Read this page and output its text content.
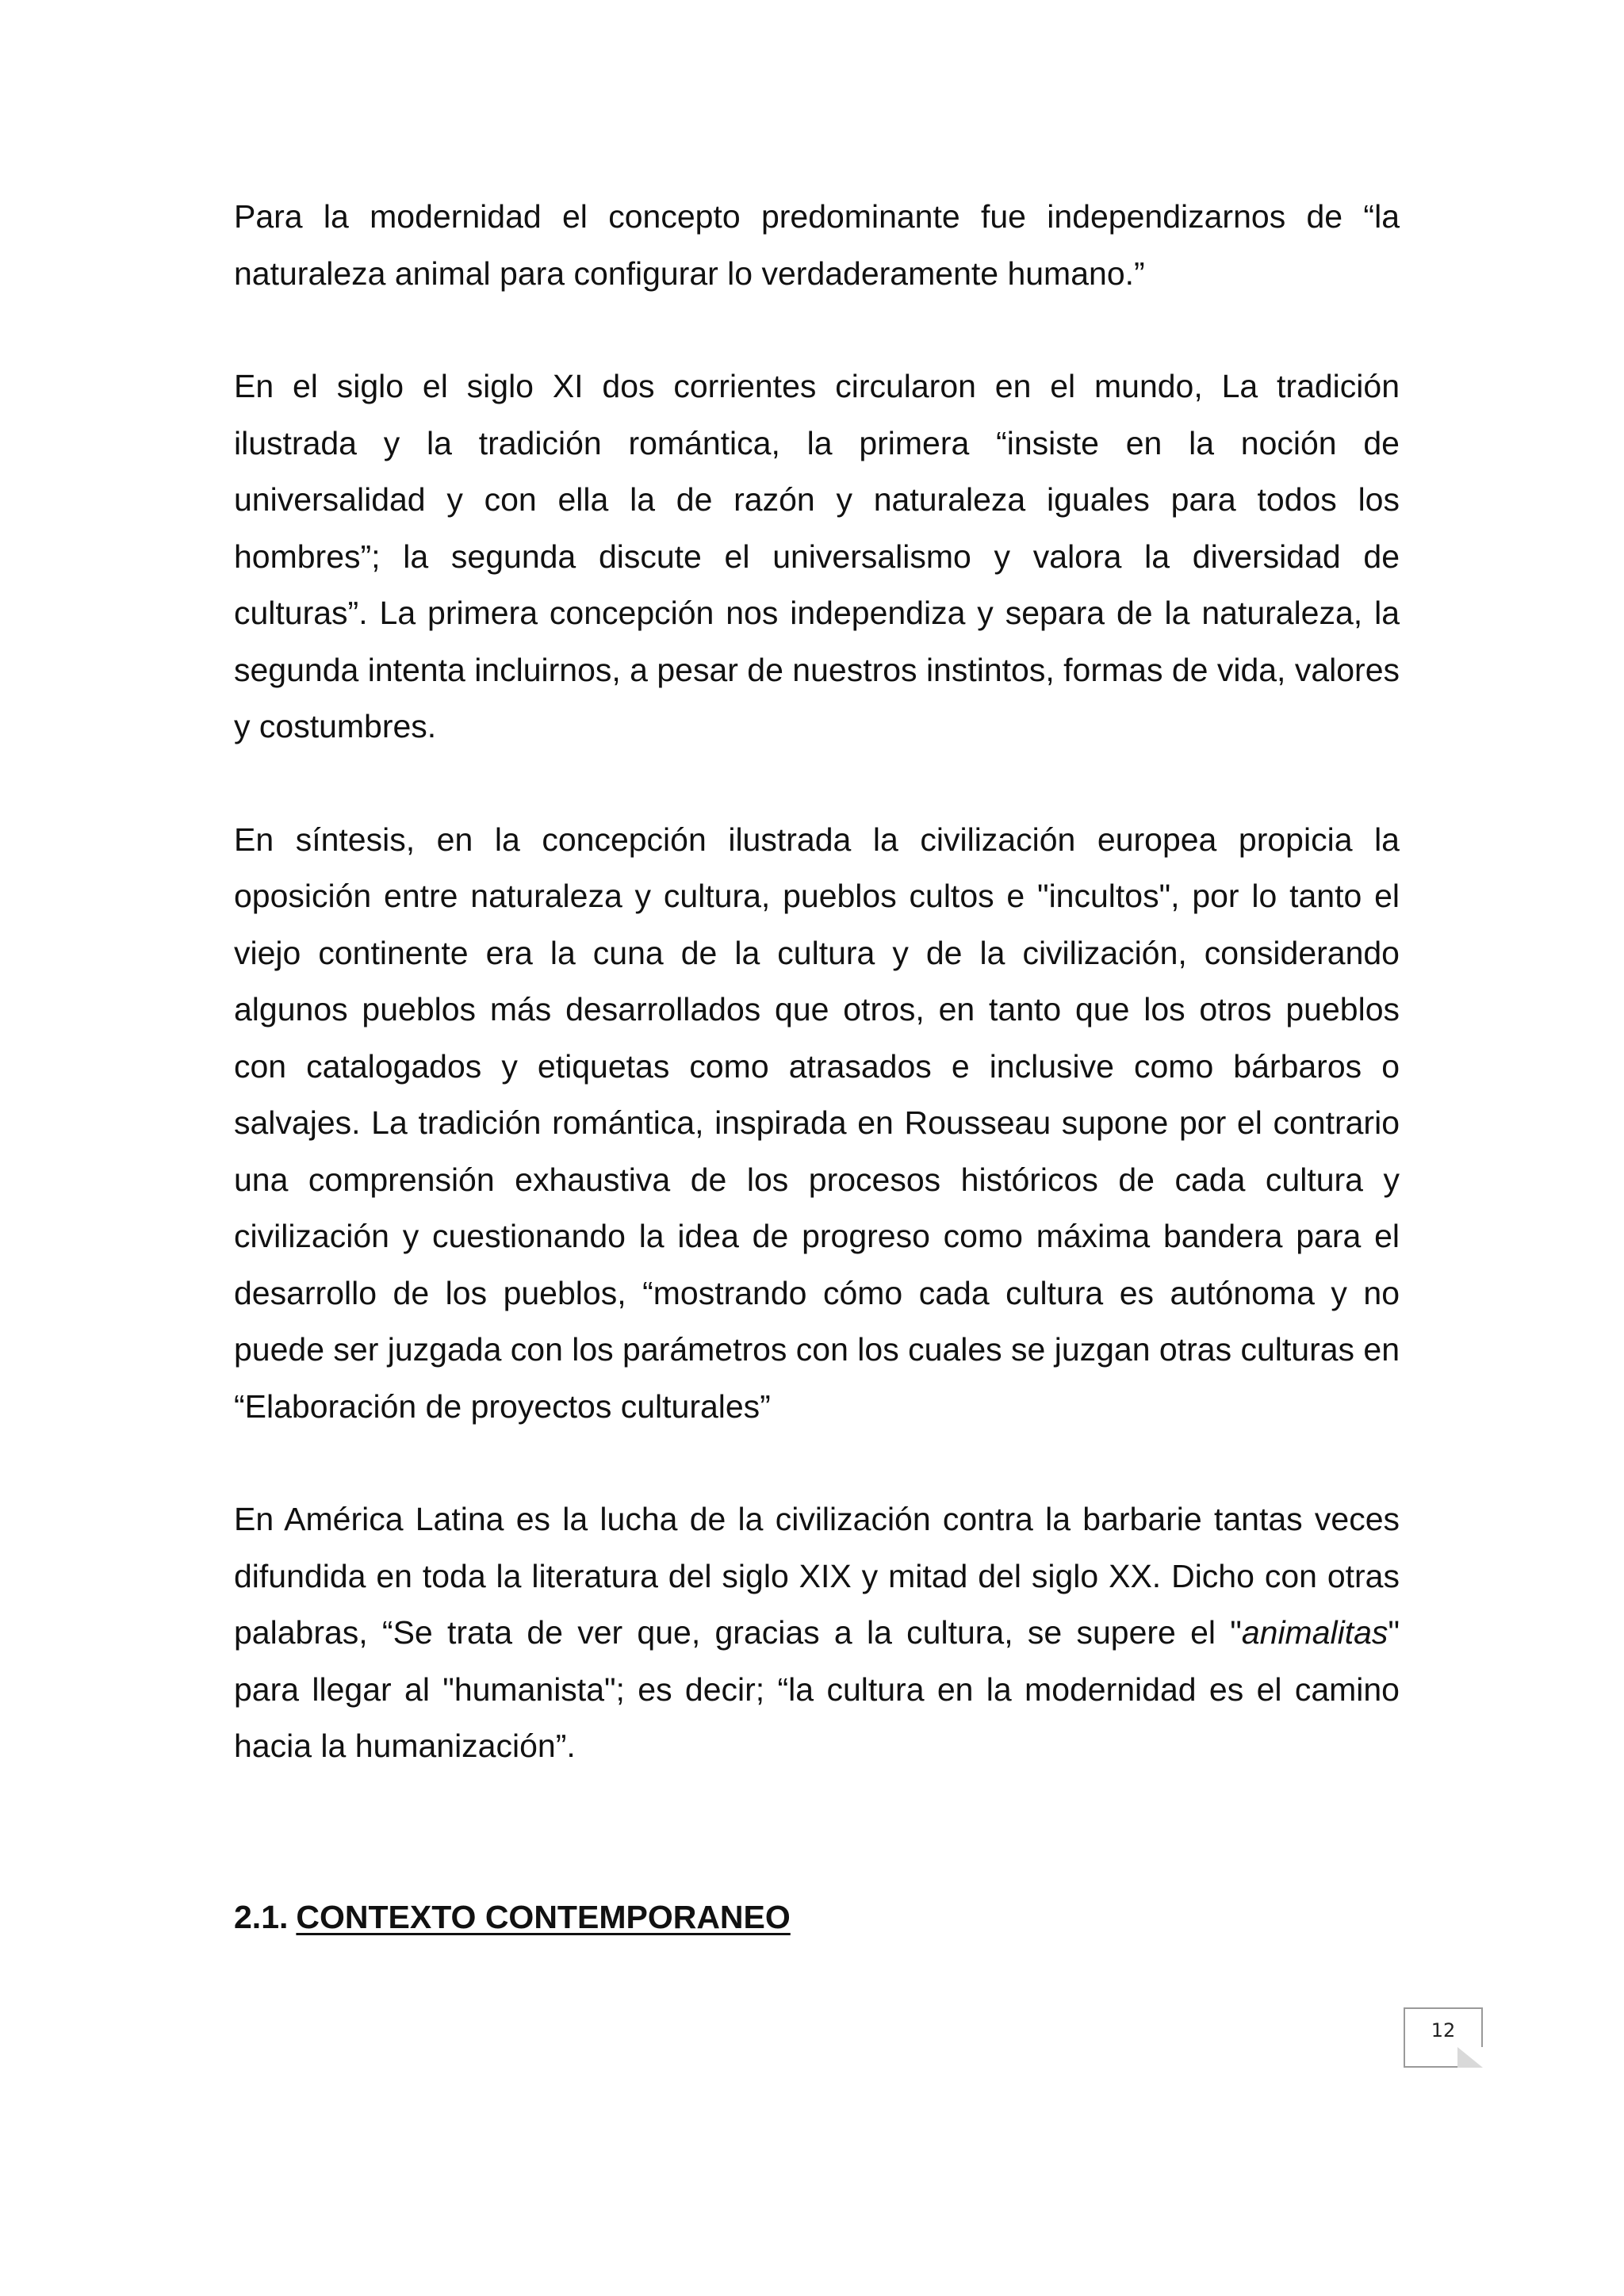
Para la modernidad el concepto predominante fue independizarnos de “la naturaleza animal para configurar lo verdaderamente humano.”

En el siglo el siglo XI dos corrientes circularon en el mundo, La tradición ilustrada y la tradición romántica, la primera “insiste en la noción de universalidad y con ella la de razón y naturaleza iguales para todos los hombres”; la segunda discute el universalismo y valora la diversidad de culturas”. La primera concepción nos independiza y separa de la naturaleza, la segunda intenta incluirnos, a pesar de nuestros instintos, formas de vida, valores y costumbres.

En síntesis, en la concepción ilustrada la civilización europea propicia la oposición entre naturaleza y cultura, pueblos cultos e "incultos", por lo tanto el viejo continente era la cuna de la cultura y de la civilización, considerando algunos pueblos más desarrollados que otros, en tanto que los otros pueblos con catalogados y etiquetas como atrasados e inclusive como bárbaros o salvajes. La tradición romántica, inspirada en Rousseau supone por el contrario una comprensión exhaustiva de los procesos históricos de cada cultura y civilización y cuestionando la idea de progreso como máxima bandera para el desarrollo de los pueblos, “mostrando cómo cada cultura es autónoma y no puede ser juzgada con los parámetros con los cuales se juzgan otras culturas en “Elaboración de proyectos culturales”

En América Latina es la lucha de la civilización contra la barbarie tantas veces difundida en toda la literatura del siglo XIX y mitad del siglo XX. Dicho con otras palabras, “Se trata de ver que, gracias a la cultura, se supere el "animalitas" para llegar al "humanista"; es decir; “la cultura en la modernidad es el camino hacia la humanización”.

2.1. CONTEXTO CONTEMPORANEO
12
